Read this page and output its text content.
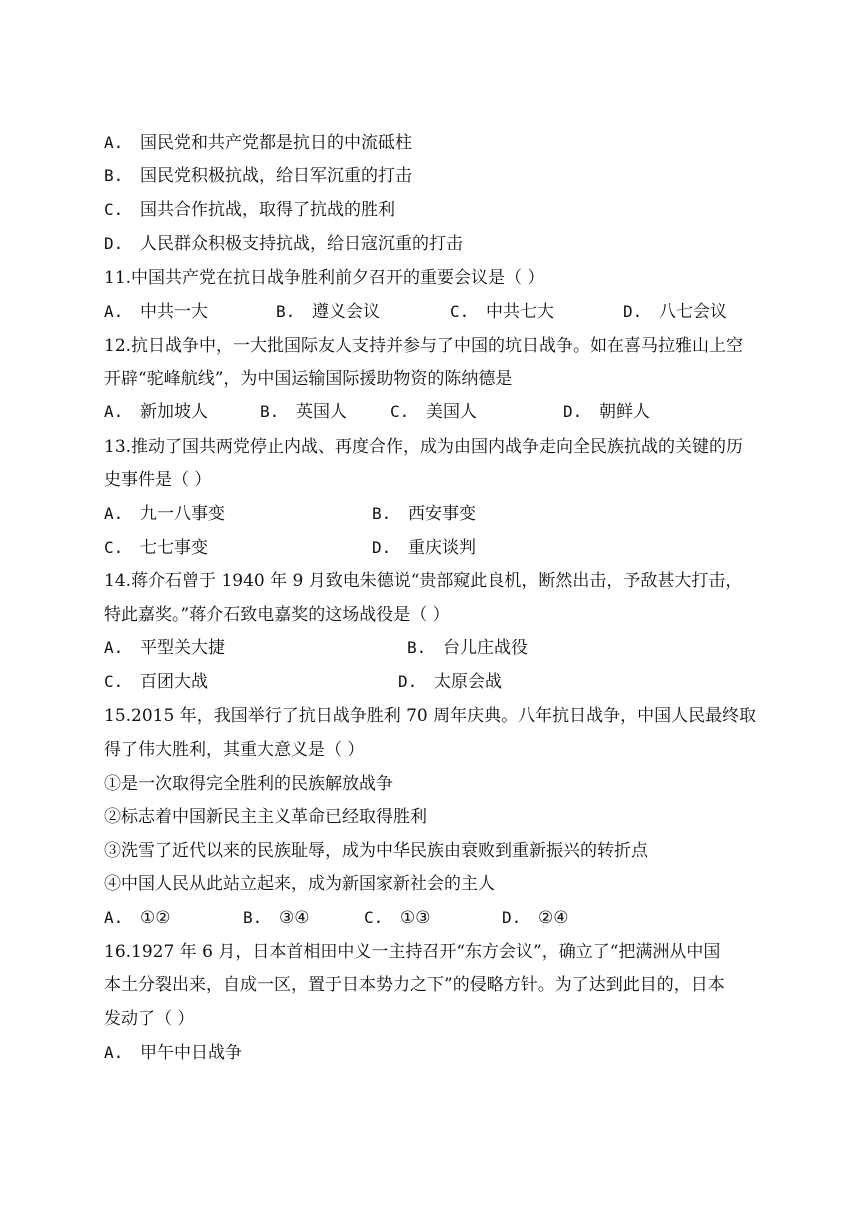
A. 国民党和共产党都是抗日的中流砥柱
B. 国民党积极抗战，给日军沉重的打击
C. 国共合作抗战，取得了抗战的胜利
D. 人民群众积极支持抗战，给日寇沉重的打击
11.中国共产党在抗日战争胜利前夕召开的重要会议是（ ）
A. 中共一大	B. 遵义会议	C. 中共七大	D. 八七会议
12.抗日战争中，一大批国际友人支持并参与了中国的坑日战争。如在喜马拉雅山上空
开辟“驼峰航线”，为中国运输国际援助物资的陈纳德是
A. 新加坡人	B. 英国人	C. 美国人	D. 朝鲜人
13.推动了国共两党停止内战、再度合作，成为由国内战争走向全民族抗战的关键的历
史事件是（ ）
A. 九一八事变	B. 西安事变
C. 七七事变	D. 重庆谈判
14.蒋介石曾于 1940 年 9 月致电朱德说“贵部窥此良机，断然出击，予敌甚大打击，
特此嘉奖。”蒋介石致电嘉奖的这场战役是（ ）
A. 平型关大捷	B. 台儿庄战役
C. 百团大战	D. 太原会战
15.2015 年，我国举行了抗日战争胜利 70 周年庆典。八年抗日战争，中国人民最终取
得了伟大胜利，其重大意义是（ ）
①是一次取得完全胜利的民族解放战争
②标志着中国新民主主义革命已经取得胜利
③洗雪了近代以来的民族耻辱，成为中华民族由衰败到重新振兴的转折点
④中国人民从此站立起来，成为新国家新社会的主人
A. ①②	B. ③④	C. ①③	D. ②④
16.1927 年 6 月，日本首相田中义一主持召开“东方会议”，确立了“把满洲从中国
本土分裂出来，自成一区，置于日本势力之下”的侵略方针。为了达到此目的，日本
发动了（ ）
A. 甲午中日战争
